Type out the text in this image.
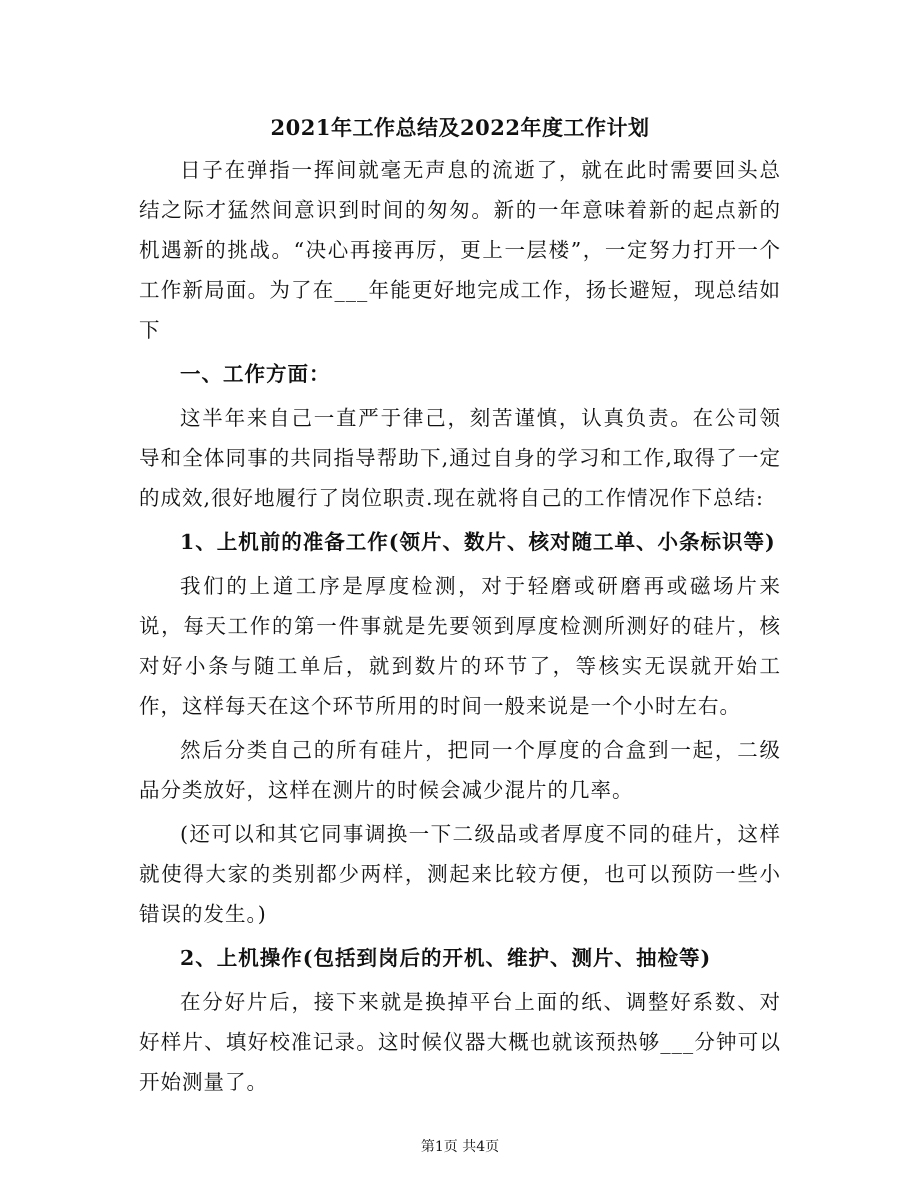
2021年工作总结及2022年度工作计划

日子在弹指一挥间就毫无声息的流逝了，就在此时需要回头总结之际才猛然间意识到时间的匆匆。新的一年意味着新的起点新的机遇新的挑战。“决心再接再厉，更上一层楼”，一定努力打开一个工作新局面。为了在___年能更好地完成工作，扬长避短，现总结如下

一、工作方面：

这半年来自己一直严于律己，刻苦谨慎，认真负责。在公司领导和全体同事的共同指导帮助下,通过自身的学习和工作,取得了一定的成效,很好地履行了岗位职责.现在就将自己的工作情况作下总结:

1、上机前的准备工作(领片、数片、核对随工单、小条标识等)

我们的上道工序是厚度检测，对于轻磨或研磨再或磁场片来说，每天工作的第一件事就是先要领到厚度检测所测好的硅片，核对好小条与随工单后，就到数片的环节了，等核实无误就开始工作，这样每天在这个环节所用的时间一般来说是一个小时左右。

然后分类自己的所有硅片，把同一个厚度的合盒到一起，二级品分类放好，这样在测片的时候会减少混片的几率。

(还可以和其它同事调换一下二级品或者厚度不同的硅片，这样就使得大家的类别都少两样，测起来比较方便，也可以预防一些小错误的发生。)

2、上机操作(包括到岗后的开机、维护、测片、抽检等)

在分好片后，接下来就是换掉平台上面的纸、调整好系数、对好样片、填好校准记录。这时候仪器大概也就该预热够___分钟可以开始测量了。

第1页 共4页
